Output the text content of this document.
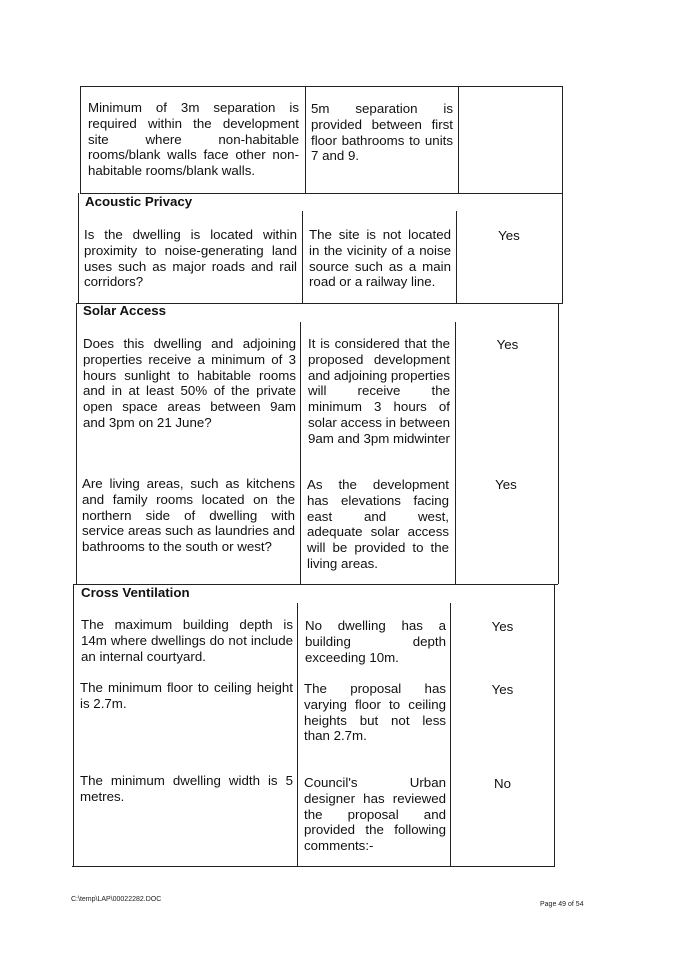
Minimum of 3m separation is required within the development site where non-habitable rooms/blank walls face other non-habitable rooms/blank walls.

5m separation is provided between first floor bathrooms to units 7 and 9.

Acoustic Privacy

Is the dwelling is located within proximity to noise-generating land uses such as major roads and rail corridors?

The site is not located in the vicinity of a noise source such as a main road or a railway line.

Yes

Solar Access

Does this dwelling and adjoining properties receive a minimum of 3 hours sunlight to habitable rooms and in at least 50% of the private open space areas between 9am and 3pm on 21 June?

It is considered that the proposed development and adjoining properties will receive the minimum 3 hours of solar access in between 9am and 3pm midwinter

Yes

Are living areas, such as kitchens and family rooms located on the northern side of dwelling with service areas such as laundries and bathrooms to the south or west?

As the development has elevations facing east and west, adequate solar access will be provided to the living areas.

Yes

Cross Ventilation

The maximum building depth is 14m where dwellings do not include an internal courtyard.

No dwelling has a building depth exceeding 10m.

Yes

The minimum floor to ceiling height is 2.7m.

The proposal has varying floor to ceiling heights but not less than 2.7m.

Yes

The minimum dwelling width is 5 metres.

Council's Urban designer has reviewed the proposal and provided the following comments:-

No

C:\temp\LAP\00022282.DOC
Page 49 of 54
